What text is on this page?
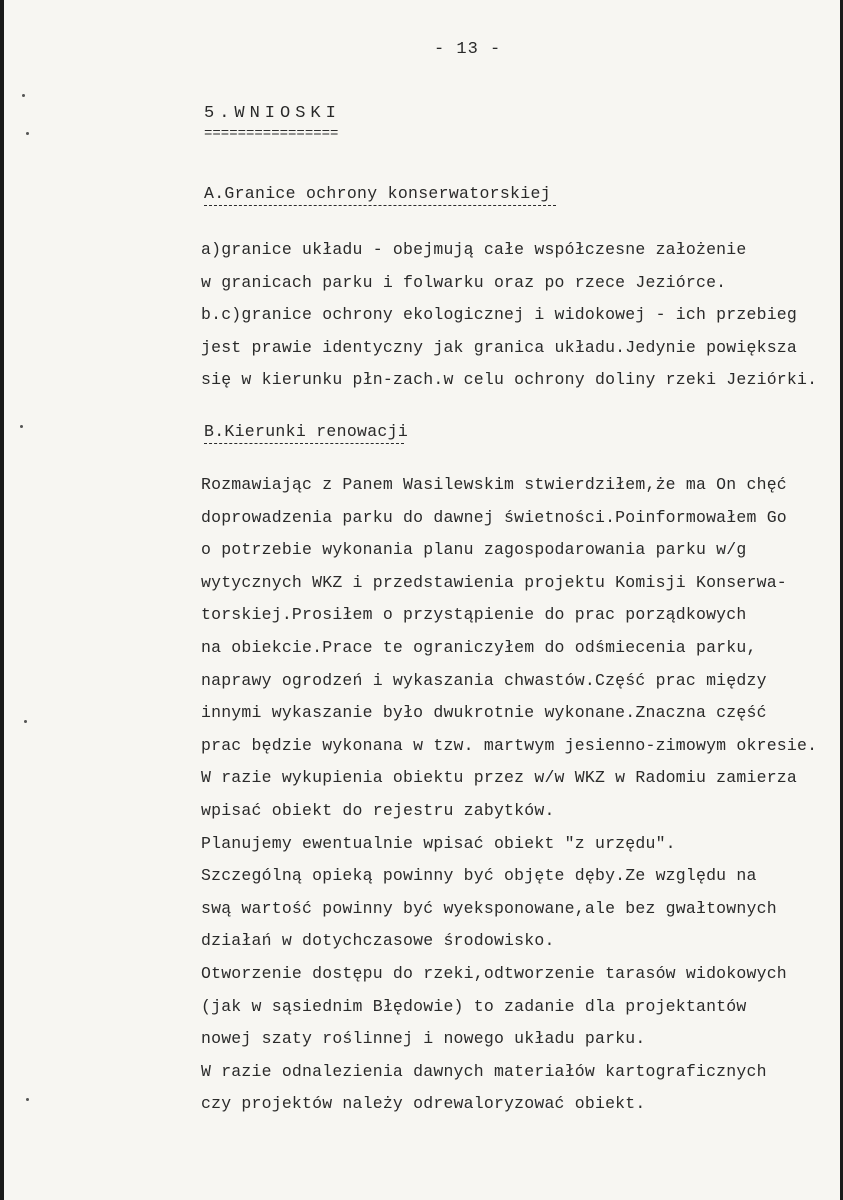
- 13 -
5.WNIOSKI
================
A.Granice ochrony konserwatorskiej
a)granice układu - obejmują całe współczesne założenie
w granicach parku i folwarku oraz po rzece Jeziórce.
b.c)granice ochrony ekologicznej i widokowej - ich przebieg
jest prawie identyczny jak granica układu.Jedynie powiększa
się w kierunku płn-zach.w celu ochrony doliny rzeki Jeziórki.
B.Kierunki renowacji
Rozmawiając z Panem Wasilewskim stwierdziłem,że ma On chęć
doprowadzenia parku do dawnej świetności.Poinformowałem Go
o potrzebie wykonania planu zagospodarowania parku w/g
wytycznych WKZ i przedstawienia projektu Komisji Konserwa-
torskiej.Prosiłem o przystąpienie do prac porządkowych
na obiekcie.Prace te ograniczyłem do odśmiecenia parku,
naprawy ogrodzeń i wykaszania chwastów.Część prac między
innymi wykaszanie było dwukrotnie wykonane.Znaczna część
prac będzie wykonana w tzw. martwym jesienno-zimowym okresie.
W razie wykupienia obiektu przez w/w WKZ w Radomiu zamierza
wpisać obiekt do rejestru zabytków.
Planujemy ewentualnie wpisać obiekt "z urzędu".
Szczególną opieką powinny być objęte dęby.Ze względu na
swą wartość powinny być wyeksponowane,ale bez gwałtownych
działań w dotychczasowe środowisko.
Otworzenie dostępu do rzeki,odtworzenie tarasów widokowych
(jak w sąsiednim Błędowie) to zadanie dla projektantów
nowej szaty roślinnej i nowego układu parku.
W razie odnalezienia dawnych materiałów kartograficznych
czy projektów należy odrewaloryzować obiekt.
